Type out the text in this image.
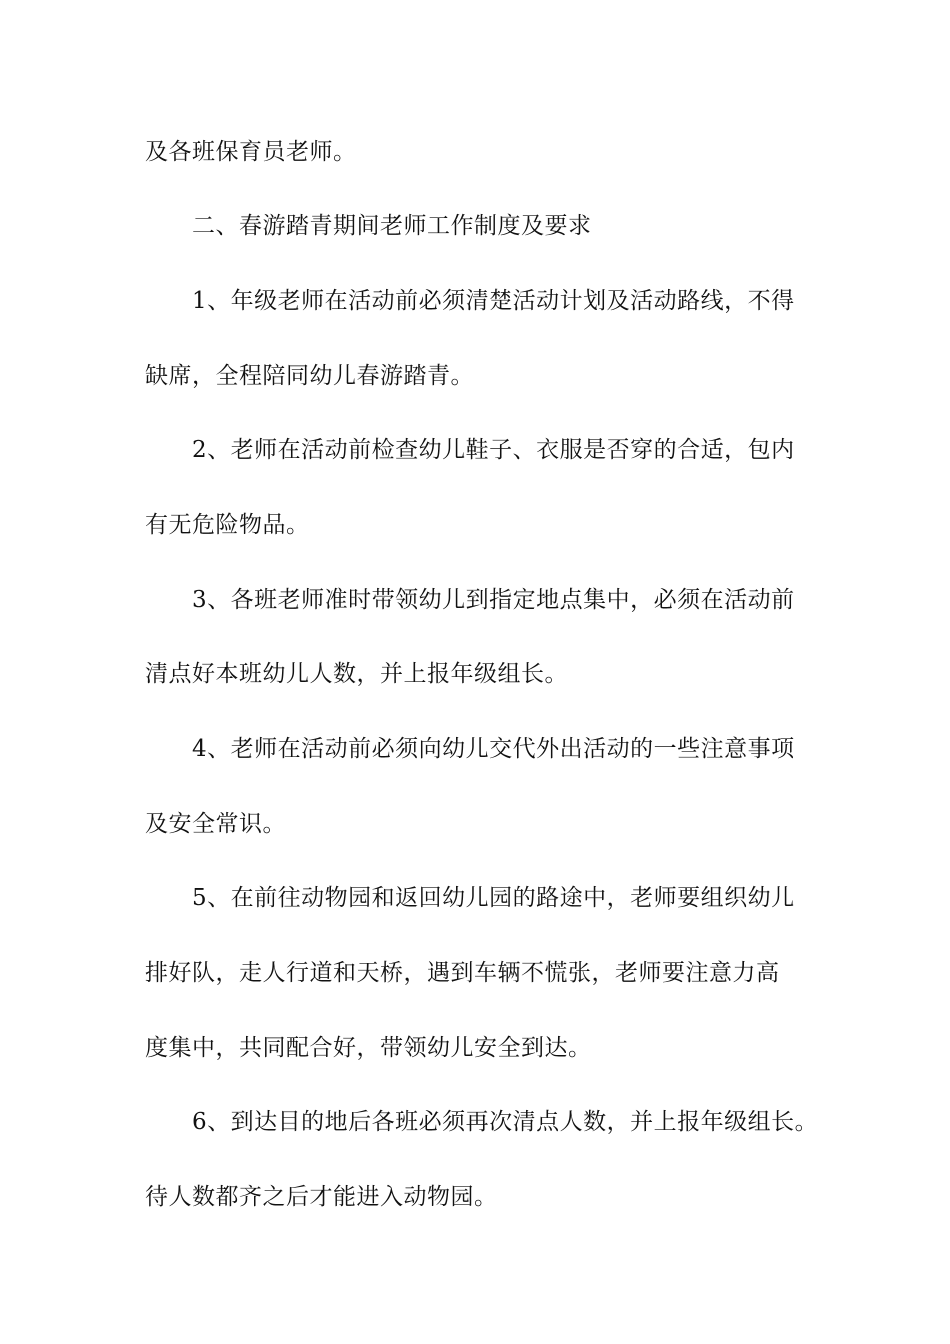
及各班保育员老师。
　　二、春游踏青期间老师工作制度及要求
　　1、年级老师在活动前必须清楚活动计划及活动路线，不得
缺席，全程陪同幼儿春游踏青。
　　2、老师在活动前检查幼儿鞋子、衣服是否穿的合适，包内
有无危险物品。
　　3、各班老师准时带领幼儿到指定地点集中，必须在活动前
清点好本班幼儿人数，并上报年级组长。
　　4、老师在活动前必须向幼儿交代外出活动的一些注意事项
及安全常识。
　　5、在前往动物园和返回幼儿园的路途中，老师要组织幼儿
排好队，走人行道和天桥，遇到车辆不慌张，老师要注意力高
度集中，共同配合好，带领幼儿安全到达。
　　6、到达目的地后各班必须再次清点人数，并上报年级组长。
待人数都齐之后才能进入动物园。
